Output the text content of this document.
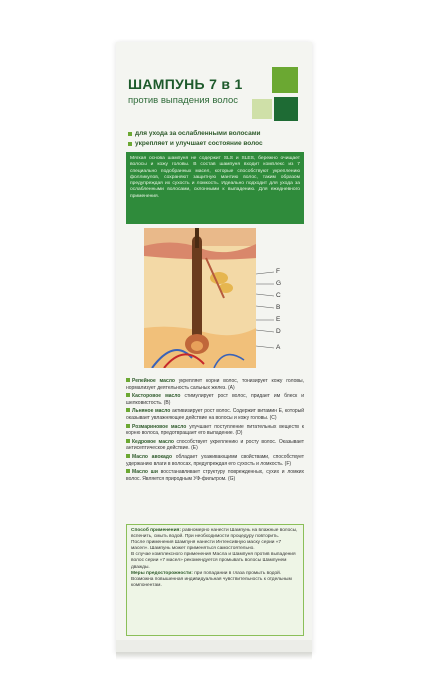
ШАМПУНЬ 7 в 1
против выпадения волос
для ухода за ослабленными волосами
укрепляет и улучшает состояние волос
Мягкая основа шампуня не содержит SLS и SLES, бережно очищает волосы и кожу головы. В состав шампуня входит комплекс из 7 специально подобранных масел, которые способствуют укреплению фолликулов, сохраняют защитную мантию волос, таким образом предупреждая их сухость и ломкость. Идеально подходит для ухода за ослабленными волосами, склонными к выпадению. Для ежедневного применения.
F
G
C
B
E
D
A
Репейное масло укрепляет корни волос, тонизирует кожу головы, нормализует деятельность сальных желез. (A)
Касторовое масло стимулирует рост волос, придает им блеск и шелковистость. (B)
Льняное масло активизирует рост волос. Содержит витамин Е, который оказывает увлажняющее действие на волосы и кожу головы. (C)
Розмариновое масло улучшает поступление питательных веществ к корню волоса, предотвращает его выпадение. (D)
Кедровое масло способствует укреплению и росту волос. Оказывает антисептическое действие. (E)
Масло авокадо обладает ухаживающими свойствами, способствует удержанию влаги в волосах, предупреждая его сухость и ломкость. (F)
Масло ши восстанавливает структуру поврежденных, сухих и ломких волос. Является природным УФ-фильтром. (G)
Способ применения: равномерно нанести Шампунь на влажные волосы, вспенить, смыть водой. При необходимости процедуру повторить.
После применения Шампуня нанести Интенсивную маску серии «7 масел». Шампунь может применяться самостоятельно.
В случае комплексного применения Масла и Шампуня против выпадения волос серии «7 масел» рекомендуется промывать волосы Шампунем дважды.
Меры предосторожности: при попадании в глаза промыть водой. Возможна повышенная индивидуальная чувствительность к отдельным компонентам.
